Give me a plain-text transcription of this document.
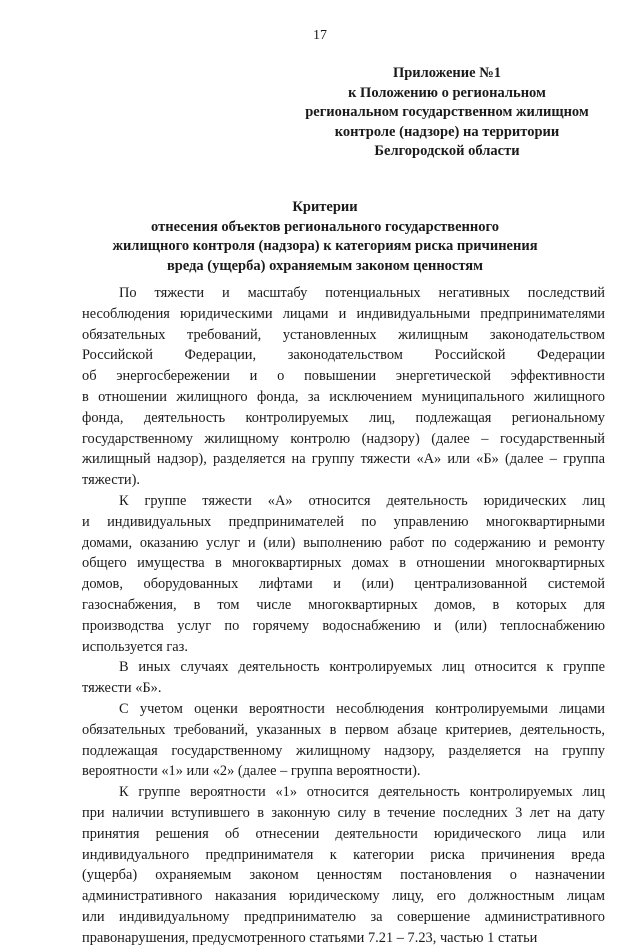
17
Приложение №1
к Положению о региональном
региональном государственном жилищном
контроле (надзоре) на территории
Белгородской области
Критерии
отнесения объектов регионального государственного
жилищного контроля (надзора) к категориям риска причинения
вреда (ущерба) охраняемым законом ценностям
По тяжести и масштабу потенциальных негативных последствий
несоблюдения юридическими лицами и индивидуальными предпринимателями
обязательных требований, установленных жилищным законодательством
Российской Федерации, законодательством Российской Федерации
об энергосбережении и о повышении энергетической эффективности
в отношении жилищного фонда, за исключением муниципального жилищного
фонда, деятельность контролируемых лиц, подлежащая региональному
государственному жилищному контролю (надзору) (далее – государственный
жилищный надзор), разделяется на группу тяжести «А» или «Б» (далее – группа
тяжести).
К группе тяжести «А» относится деятельность юридических лиц
и индивидуальных предпринимателей по управлению многоквартирными
домами, оказанию услуг и (или) выполнению работ по содержанию и ремонту
общего имущества в многоквартирных домах в отношении многоквартирных
домов, оборудованных лифтами и (или) централизованной системой
газоснабжения, в том числе многоквартирных домов, в которых для
производства услуг по горячему водоснабжению и (или) теплоснабжению
используется газ.
В иных случаях деятельность контролируемых лиц относится к группе
тяжести «Б».
С учетом оценки вероятности несоблюдения контролируемыми лицами
обязательных требований, указанных в первом абзаце критериев, деятельность,
подлежащая государственному жилищному надзору, разделяется на группу
вероятности «1» или «2» (далее – группа вероятности).
К группе вероятности «1» относится деятельность контролируемых лиц
при наличии вступившего в законную силу в течение последних 3 лет на дату
принятия решения об отнесении деятельности юридического лица или
индивидуального предпринимателя к категории риска причинения вреда
(ущерба) охраняемым законом ценностям постановления о назначении
административного наказания юридическому лицу, его должностным лицам
или индивидуальному предпринимателю за совершение административного
правонарушения, предусмотренного статьями 7.21 – 7.23, частью 1 статьи
